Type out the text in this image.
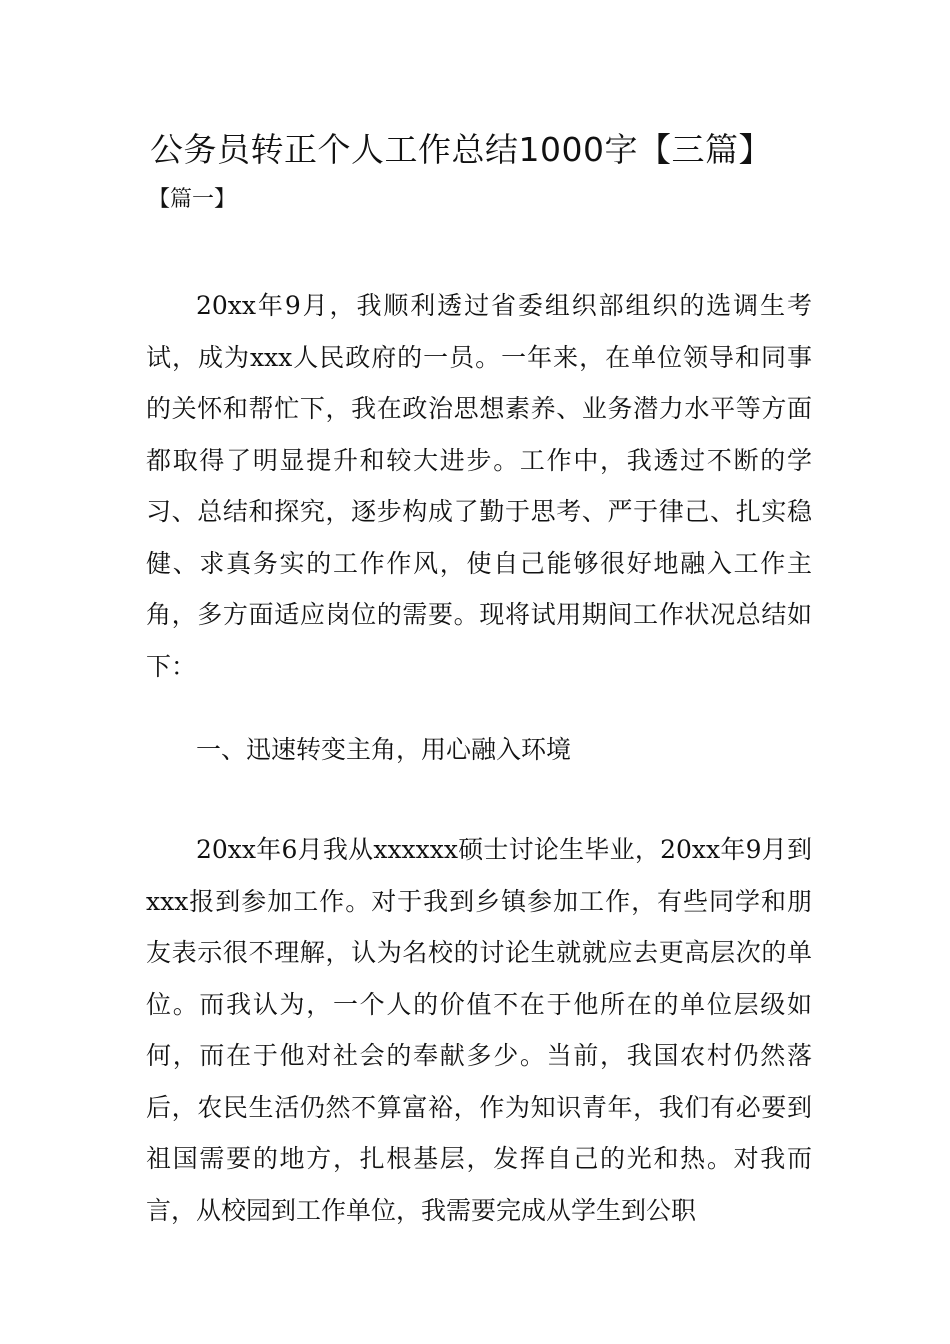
公务员转正个人工作总结1000字【三篇】
【篇一】

20xx年9月，我顺利透过省委组织部组织的选调生考试，成为xxx人民政府的一员。一年来，在单位领导和同事的关怀和帮忙下，我在政治思想素养、业务潜力水平等方面都取得了明显提升和较大进步。工作中，我透过不断的学习、总结和探究，逐步构成了勤于思考、严于律己、扎实稳健、求真务实的工作作风，使自己能够很好地融入工作主角，多方面适应岗位的需要。现将试用期间工作状况总结如下：

一、迅速转变主角，用心融入环境

20xx年6月我从xxxxxx硕士讨论生毕业，20xx年9月到xxx报到参加工作。对于我到乡镇参加工作，有些同学和朋友表示很不理解，认为名校的讨论生就就应去更高层次的单位。而我认为，一个人的价值不在于他所在的单位层级如何，而在于他对社会的奉献多少。当前，我国农村仍然落后，农民生活仍然不算富裕，作为知识青年，我们有必要到祖国需要的地方，扎根基层，发挥自己的光和热。对我而言，从校园到工作单位，我需要完成从学生到公职
